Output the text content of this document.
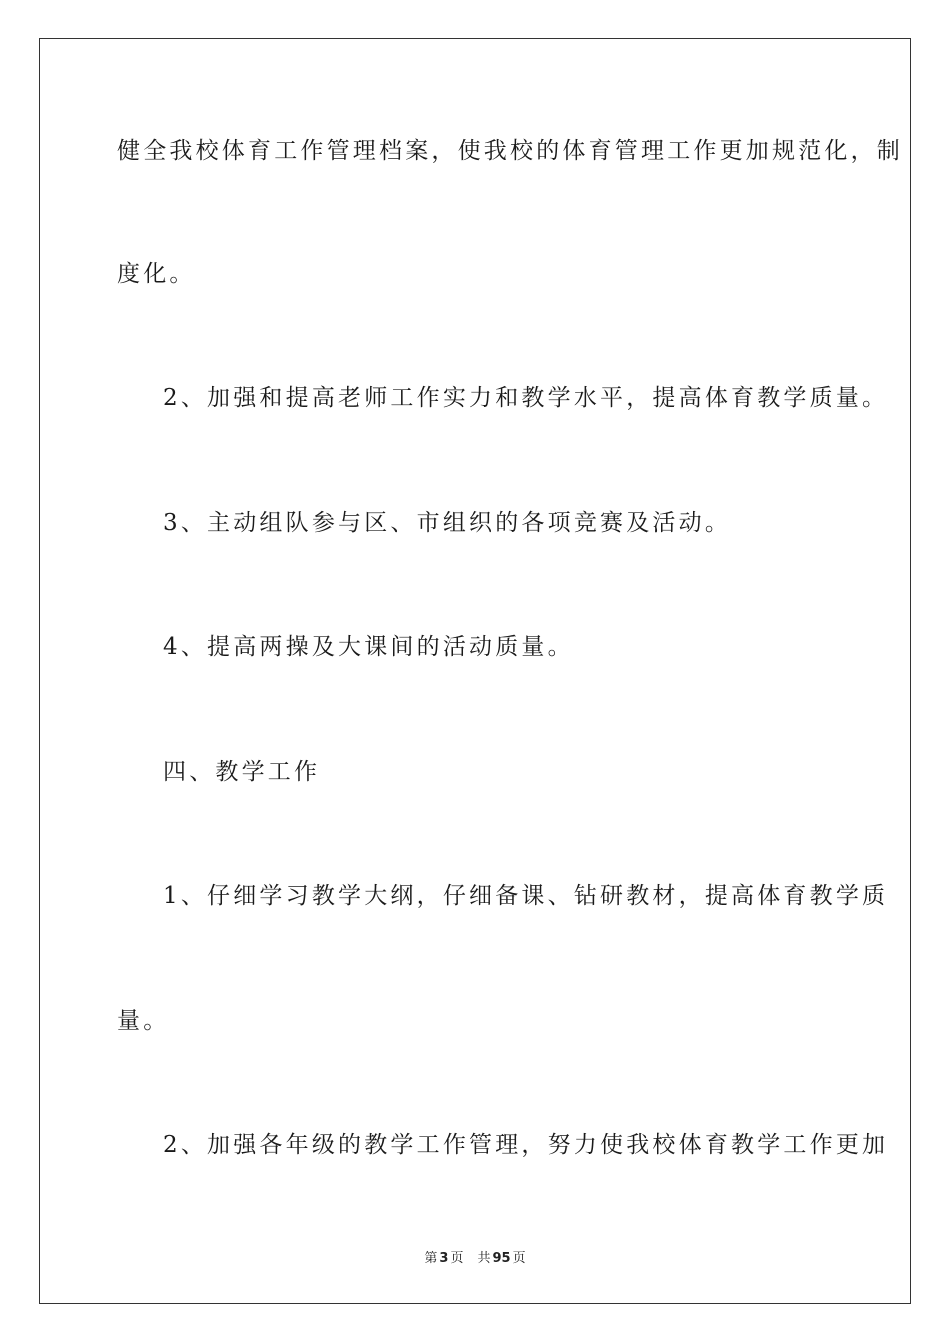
健全我校体育工作管理档案，使我校的体育管理工作更加规范化，制
度化。
2、加强和提高老师工作实力和教学水平，提高体育教学质量。
3、主动组队参与区、市组织的各项竞赛及活动。
4、提高两操及大课间的活动质量。
四、教学工作
1、仔细学习教学大纲，仔细备课、钻研教材，提高体育教学质
量。
2、加强各年级的教学工作管理，努力使我校体育教学工作更加
第 3 页 共 95 页
